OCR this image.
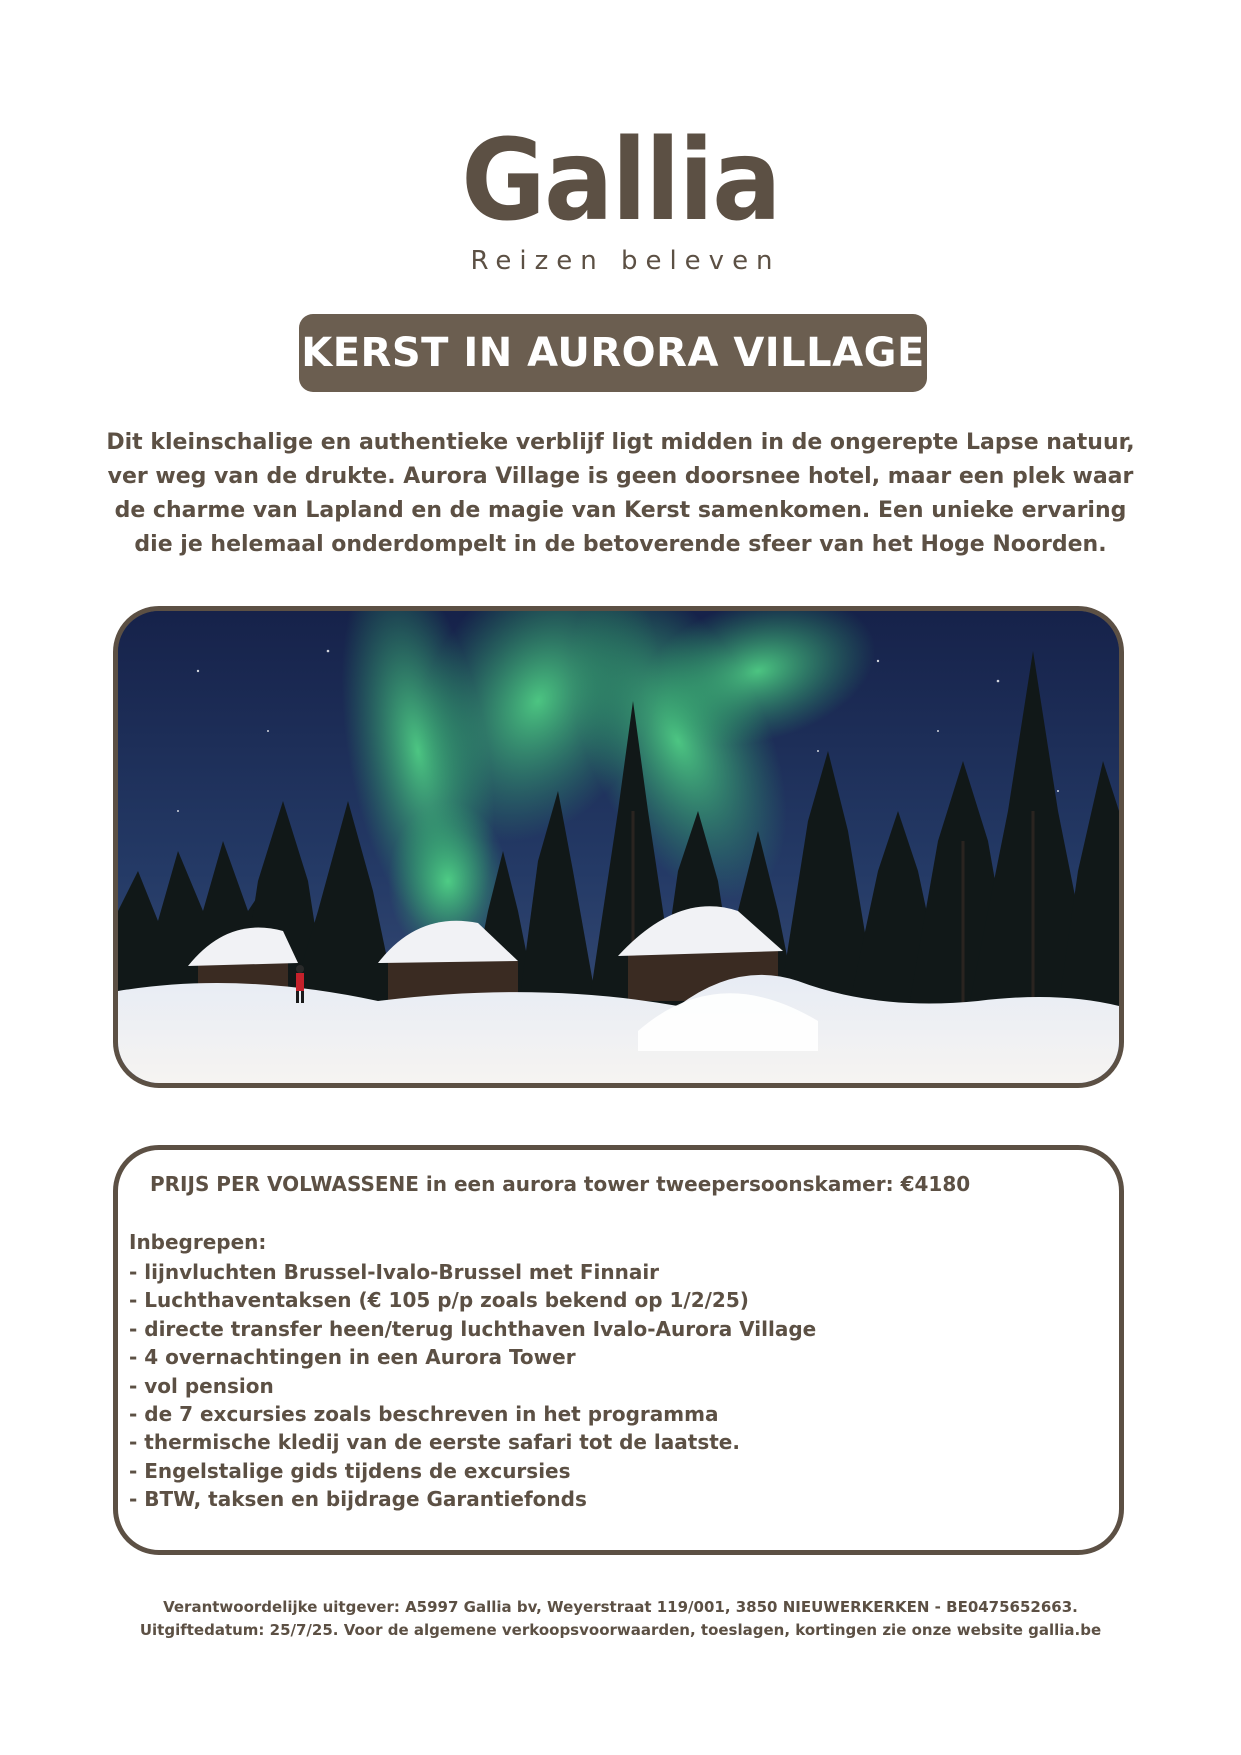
Gallia
Reizen beleven
KERST IN AURORA VILLAGE
Dit kleinschalige en authentieke verblijf ligt midden in de ongerepte Lapse natuur,
ver weg van de drukte. Aurora Village is geen doorsnee hotel, maar een plek waar
de charme van Lapland en de magie van Kerst samenkomen. Een unieke ervaring
die je helemaal onderdompelt in de betoverende sfeer van het Hoge Noorden.
PRIJS PER VOLWASSENE in een aurora tower tweepersoonskamer: €4180
Inbegrepen:
- lijnvluchten Brussel-Ivalo-Brussel met Finnair
- Luchthaventaksen (€ 105 p/p zoals bekend op 1/2/25)
- directe transfer heen/terug luchthaven Ivalo-Aurora Village
- 4 overnachtingen in een Aurora Tower
- vol pension
- de 7 excursies zoals beschreven in het programma
- thermische kledij van de eerste safari tot de laatste.
- Engelstalige gids tijdens de excursies
- BTW, taksen en bijdrage Garantiefonds
Verantwoordelijke uitgever: A5997 Gallia bv, Weyerstraat 119/001, 3850 NIEUWERKERKEN - BE0475652663.
Uitgiftedatum: 25/7/25. Voor de algemene verkoopsvoorwaarden, toeslagen, kortingen zie onze website gallia.be
